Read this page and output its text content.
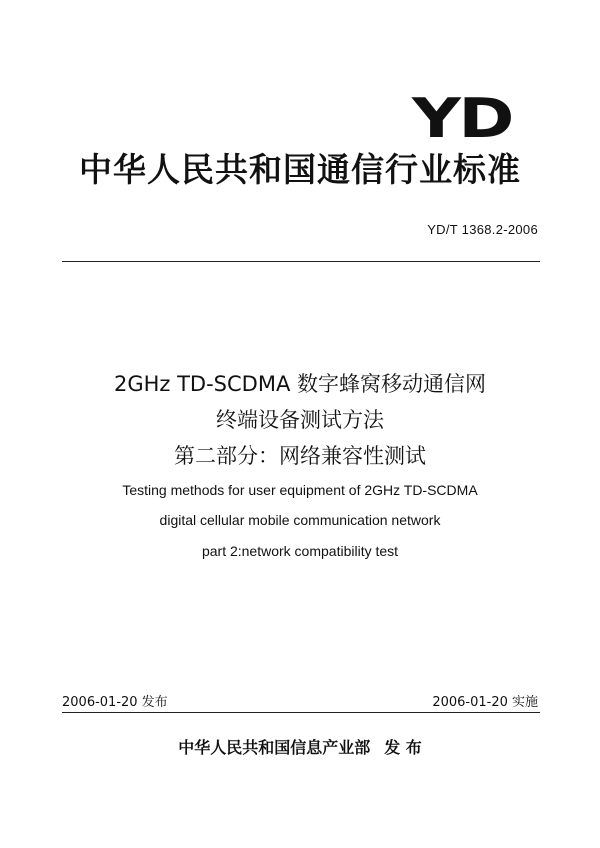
YD
中华人民共和国通信行业标准
YD/T 1368.2-2006
2GHz TD-SCDMA 数字蜂窝移动通信网
终端设备测试方法
第二部分：网络兼容性测试
Testing methods for user equipment of 2GHz TD-SCDMA
digital cellular mobile communication network
part 2:network compatibility test
2006-01-20 发布	2006-01-20 实施
中华人民共和国信息产业部 发 布
